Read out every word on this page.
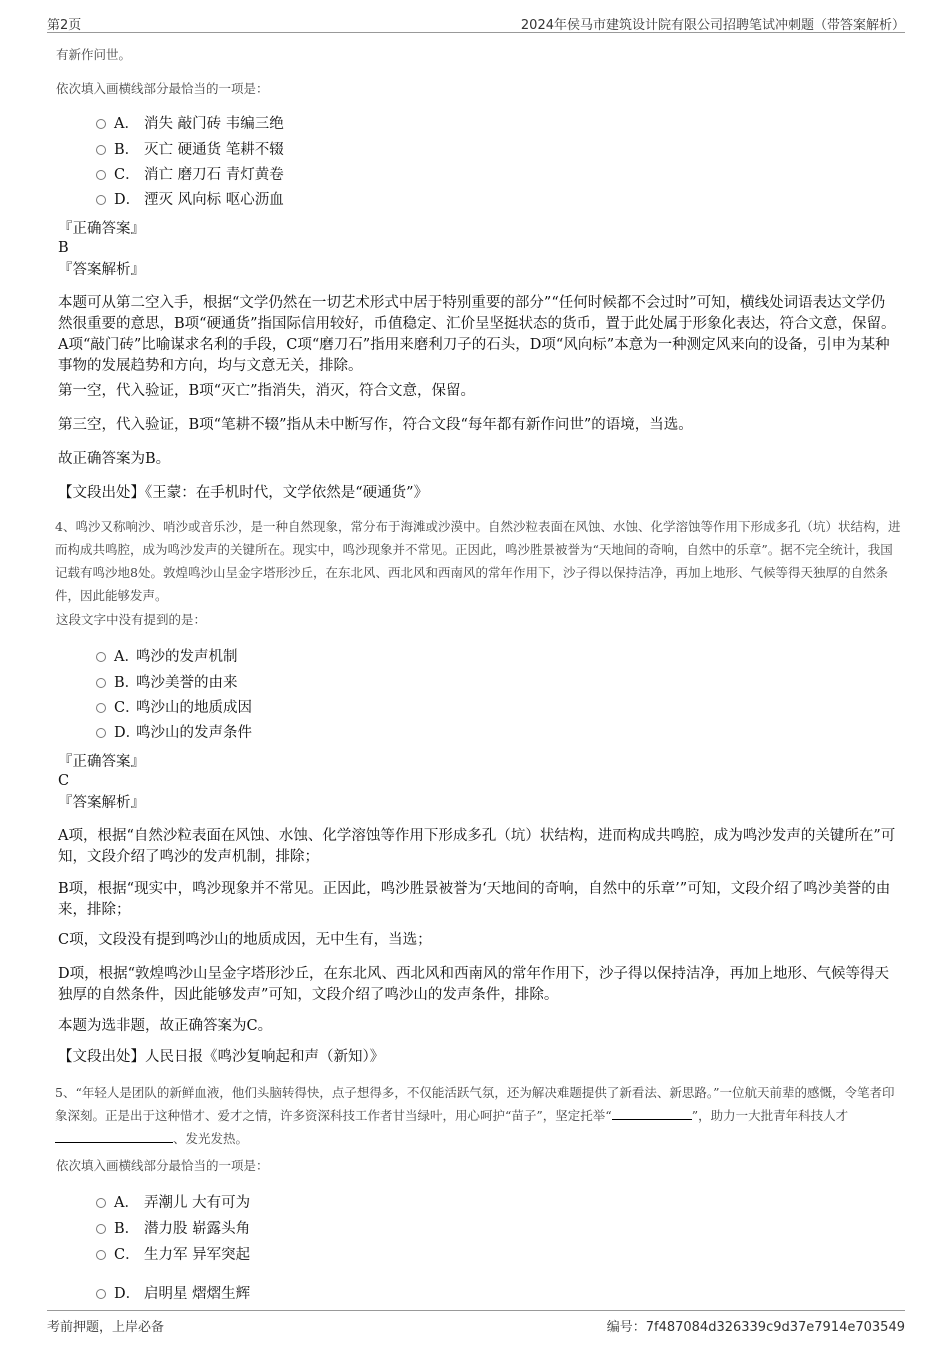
第2页	2024年侯马市建筑设计院有限公司招聘笔试冲刺题（带答案解析）
有新作问世。
依次填入画横线部分最恰当的一项是：
A． 消失 敲门砖 韦编三绝
B． 灭亡 硬通货 笔耕不辍
C． 消亡 磨刀石 青灯黄卷
D． 湮灭 风向标 呕心沥血
『正确答案』
B
『答案解析』
本题可从第二空入手，根据“文学仍然在一切艺术形式中居于特别重要的部分”“任何时候都不会过时”可知，横线处词语表达文学仍然很重要的意思，B项“硬通货”指国际信用较好，币值稳定、汇价呈坚挺状态的货币，置于此处属于形象化表达，符合文意，保留。A项“敲门砖”比喻谋求名利的手段，C项“磨刀石”指用来磨利刀子的石头，D项“风向标”本意为一种测定风来向的设备，引申为某种事物的发展趋势和方向，均与文意无关，排除。
第一空，代入验证，B项“灭亡”指消失，消灭，符合文意，保留。
第三空，代入验证，B项“笔耕不辍”指从未中断写作，符合文段“每年都有新作问世”的语境，当选。
故正确答案为B。
【文段出处】《王蒙：在手机时代，文学依然是“硬通货”》
4、鸣沙又称响沙、哨沙或音乐沙，是一种自然现象，常分布于海滩或沙漠中。自然沙粒表面在风蚀、水蚀、化学溶蚀等作用下形成多孔（坑）状结构，进而构成共鸣腔，成为鸣沙发声的关键所在。现实中，鸣沙现象并不常见。正因此，鸣沙胜景被誉为“天地间的奇响，自然中的乐章”。据不完全统计，我国记载有鸣沙地8处。敦煌鸣沙山呈金字塔形沙丘，在东北风、西北风和西南风的常年作用下，沙子得以保持洁净，再加上地形、气候等得天独厚的自然条件，因此能够发声。
这段文字中没有提到的是：
A．鸣沙的发声机制
B．鸣沙美誉的由来
C．鸣沙山的地质成因
D．鸣沙山的发声条件
『正确答案』
C
『答案解析』
A项，根据“自然沙粒表面在风蚀、水蚀、化学溶蚀等作用下形成多孔（坑）状结构，进而构成共鸣腔，成为鸣沙发声的关键所在”可知，文段介绍了鸣沙的发声机制，排除；
B项，根据“现实中，鸣沙现象并不常见。正因此，鸣沙胜景被誉为‘天地间的奇响，自然中的乐章’”可知，文段介绍了鸣沙美誉的由来，排除；
C项，文段没有提到鸣沙山的地质成因，无中生有，当选；
D项，根据“敦煌鸣沙山呈金字塔形沙丘，在东北风、西北风和西南风的常年作用下，沙子得以保持洁净，再加上地形、气候等得天独厚的自然条件，因此能够发声”可知，文段介绍了鸣沙山的发声条件，排除。
本题为选非题，故正确答案为C。
【文段出处】人民日报《鸣沙复响起和声（新知）》
5、“年轻人是团队的新鲜血液，他们头脑转得快，点子想得多，不仅能活跃气氛，还为解决难题提供了新看法、新思路。”一位航天前辈的感慨，令笔者印象深刻。正是出于这种惜才、爱才之情，许多资深科技工作者甘当绿叶，用心呵护“苗子”，坚定托举“	”，助力一大批青年科技人才、发光发热。
依次填入画横线部分最恰当的一项是：
A． 弄潮儿 大有可为
B． 潜力股 崭露头角
C． 生力军 异军突起
D． 启明星 熠熠生辉
考前押题，上岸必备	编号：7f487084d326339c9d37e7914e703549
